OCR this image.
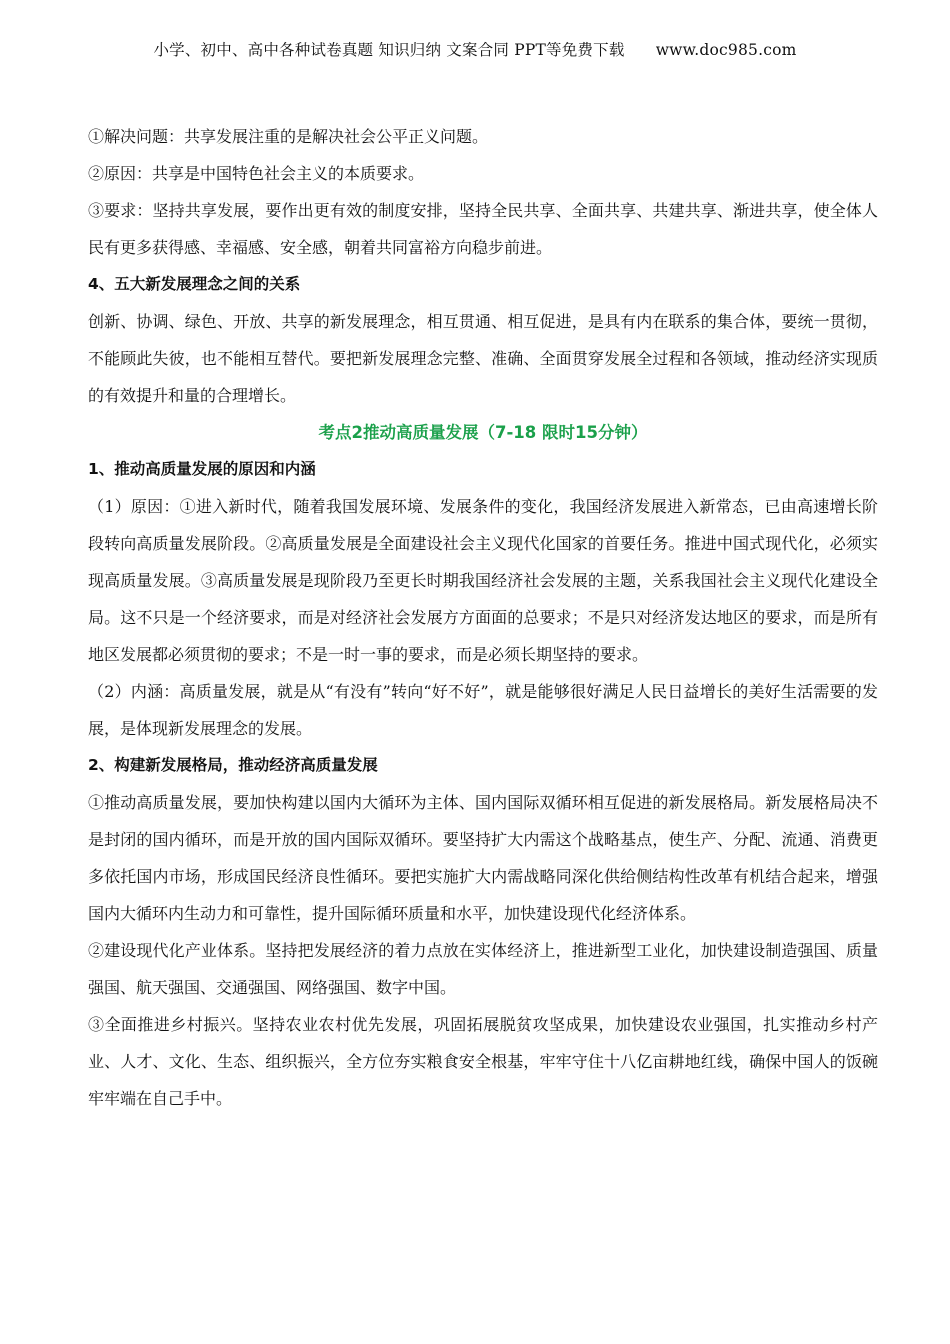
小学、初中、高中各种试卷真题 知识归纳 文案合同 PPT等免费下载 www.doc985.com

①解决问题：共享发展注重的是解决社会公平正义问题。

②原因：共享是中国特色社会主义的本质要求。

③要求：坚持共享发展，要作出更有效的制度安排，坚持全民共享、全面共享、共建共享、渐进共享，使全体人民有更多获得感、幸福感、安全感，朝着共同富裕方向稳步前进。

4、五大新发展理念之间的关系

创新、协调、绿色、开放、共享的新发展理念，相互贯通、相互促进，是具有内在联系的集合体，要统一贯彻，不能顾此失彼，也不能相互替代。要把新发展理念完整、准确、全面贯穿发展全过程和各领域，推动经济实现质的有效提升和量的合理增长。

考点2推动高质量发展（7-18 限时15分钟）

1、推动高质量发展的原因和内涵

（1）原因：①进入新时代，随着我国发展环境、发展条件的变化，我国经济发展进入新常态，已由高速增长阶段转向高质量发展阶段。②高质量发展是全面建设社会主义现代化国家的首要任务。推进中国式现代化，必须实现高质量发展。③高质量发展是现阶段乃至更长时期我国经济社会发展的主题，关系我国社会主义现代化建设全局。这不只是一个经济要求，而是对经济社会发展方方面面的总要求；不是只对经济发达地区的要求，而是所有地区发展都必须贯彻的要求；不是一时一事的要求，而是必须长期坚持的要求。

（2）内涵：高质量发展，就是从“有没有”转向“好不好”，就是能够很好满足人民日益增长的美好生活需要的发展，是体现新发展理念的发展。

2、构建新发展格局，推动经济高质量发展

①推动高质量发展，要加快构建以国内大循环为主体、国内国际双循环相互促进的新发展格局。新发展格局决不是封闭的国内循环，而是开放的国内国际双循环。要坚持扩大内需这个战略基点，使生产、分配、流通、消费更多依托国内市场，形成国民经济良性循环。要把实施扩大内需战略同深化供给侧结构性改革有机结合起来，增强国内大循环内生动力和可靠性，提升国际循环质量和水平，加快建设现代化经济体系。

②建设现代化产业体系。坚持把发展经济的着力点放在实体经济上，推进新型工业化，加快建设制造强国、质量强国、航天强国、交通强国、网络强国、数字中国。

③全面推进乡村振兴。坚持农业农村优先发展，巩固拓展脱贫攻坚成果，加快建设农业强国，扎实推动乡村产业、人才、文化、生态、组织振兴，全方位夯实粮食安全根基，牢牢守住十八亿亩耕地红线，确保中国人的饭碗牢牢端在自己手中。
